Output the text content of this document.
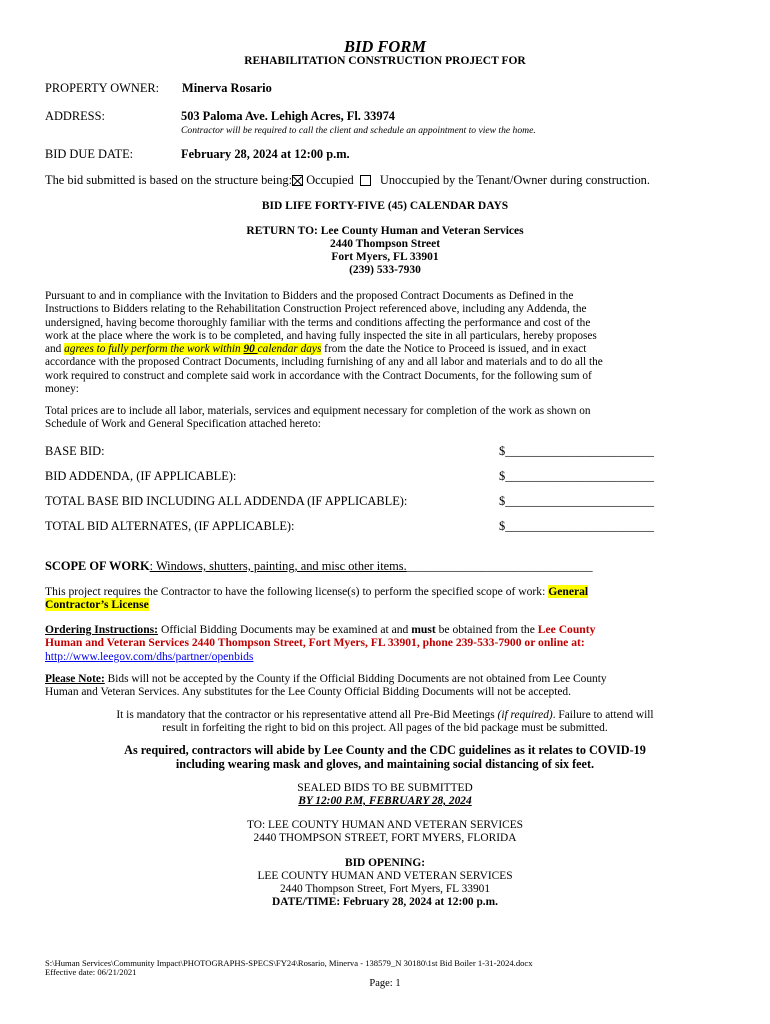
BID FORM
REHABILITATION CONSTRUCTION PROJECT FOR
PROPERTY OWNER: Minerva Rosario
ADDRESS:	503 Paloma Ave. Lehigh Acres, Fl. 33974
Contractor will be required to call the client and schedule an appointment to view the home.
BID DUE DATE:	February 28, 2024 at 12:00 p.m.
The bid submitted is based on the structure being: Occupied Unoccupied by the Tenant/Owner during construction.
BID LIFE FORTY-FIVE (45) CALENDAR DAYS
RETURN TO: Lee County Human and Veteran Services
2440 Thompson Street
Fort Myers, FL 33901
(239) 533-7930
Pursuant to and in compliance with the Invitation to Bidders and the proposed Contract Documents as Defined in the
Instructions to Bidders relating to the Rehabilitation Construction Project referenced above, including any Addenda, the
undersigned, having become thoroughly familiar with the terms and conditions affecting the performance and cost of the
work at the place where the work is to be completed, and having fully inspected the site in all particulars, hereby proposes
and agrees to fully perform the work within 90 calendar days from the date the Notice to Proceed is issued, and in exact
accordance with the proposed Contract Documents, including furnishing of any and all labor and materials and to do all the
work required to construct and complete said work in accordance with the Contract Documents, for the following sum of
money:
Total prices are to include all labor, materials, services and equipment necessary for completion of the work as shown on
Schedule of Work and General Specification attached hereto:
BASE BID:	$________________________
BID ADDENDA, (IF APPLICABLE):	$________________________
TOTAL BASE BID INCLUDING ALL ADDENDA (IF APPLICABLE):	$________________________
TOTAL BID ALTERNATES, (IF APPLICABLE):	$________________________
SCOPE OF WORK: Windows, shutters, painting, and misc other items.______________________________
This project requires the Contractor to have the following license(s) to perform the specified scope of work: General
Contractor’s License
Ordering Instructions: Official Bidding Documents may be examined at and must be obtained from the Lee County
Human and Veteran Services 2440 Thompson Street, Fort Myers, FL 33901, phone 239-533-7900 or online at:
http://www.leegov.com/dhs/partner/openbids
Please Note: Bids will not be accepted by the County if the Official Bidding Documents are not obtained from Lee County
Human and Veteran Services. Any substitutes for the Lee County Official Bidding Documents will not be accepted.
It is mandatory that the contractor or his representative attend all Pre-Bid Meetings (if required). Failure to attend will
result in forfeiting the right to bid on this project. All pages of the bid package must be submitted.
As required, contractors will abide by Lee County and the CDC guidelines as it relates to COVID-19
including wearing mask and gloves, and maintaining social distancing of six feet.
SEALED BIDS TO BE SUBMITTED
BY 12:00 P.M, FEBRUARY 28, 2024
TO: LEE COUNTY HUMAN AND VETERAN SERVICES
2440 THOMPSON STREET, FORT MYERS, FLORIDA
BID OPENING:
LEE COUNTY HUMAN AND VETERAN SERVICES
2440 Thompson Street, Fort Myers, FL 33901
DATE/TIME: February 28, 2024 at 12:00 p.m.
S:\Human Services\Community Impact\PHOTOGRAPHS-SPECS\FY24\Rosario, Minerva - 138579_N 30180\1st Bid Boiler 1-31-2024.docx
Effective date: 06/21/2021
Page: 1
